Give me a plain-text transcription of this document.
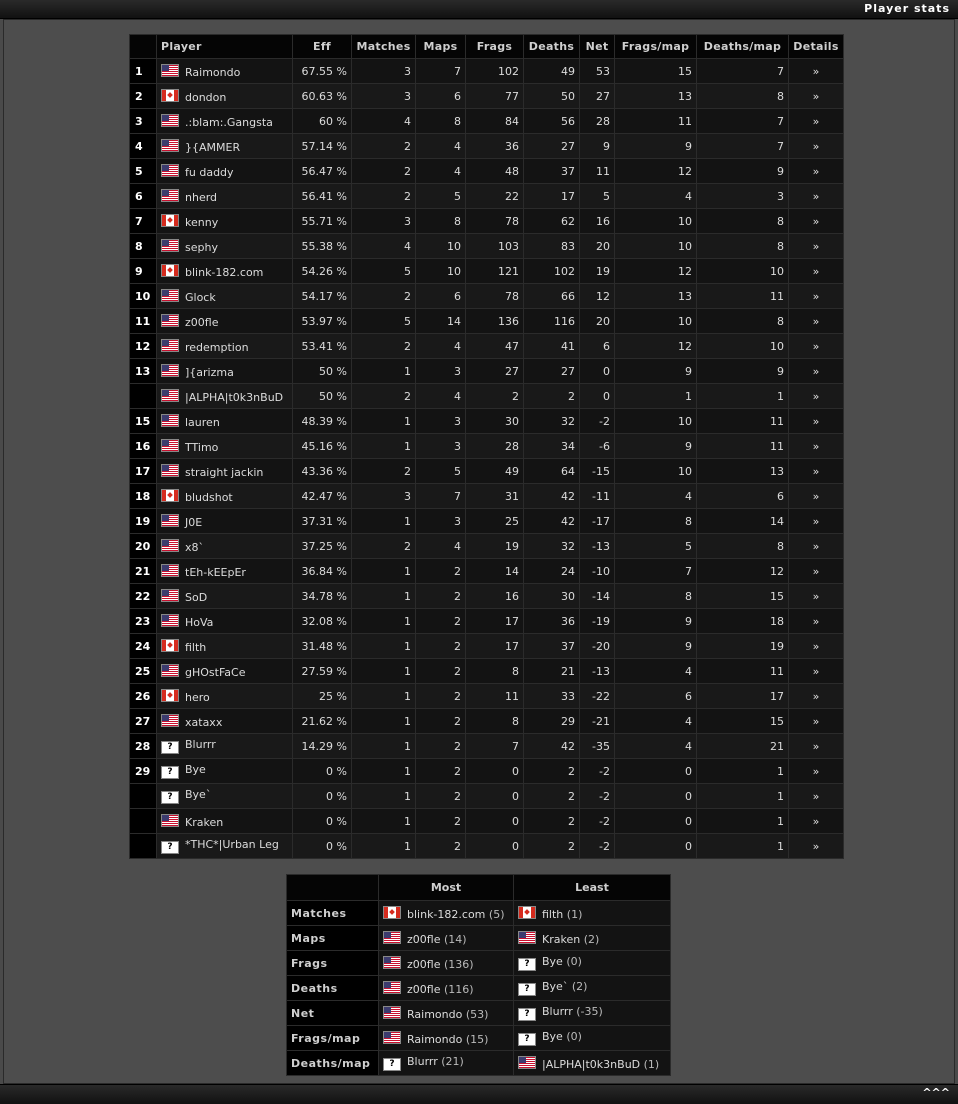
Player stats
	Player	Eff	Matches	Maps	Frags	Deaths	Net	Frags/map	Deaths/map	Details
1	Raimondo	67.55 %	3	7	102	49	53	15	7	»
2	dondon	60.63 %	3	6	77	50	27	13	8	»
3	.:blam:.Gangsta	60 %	4	8	84	56	28	11	7	»
4	}{AMMER	57.14 %	2	4	36	27	9	9	7	»
5	fu daddy	56.47 %	2	4	48	37	11	12	9	»
6	nherd	56.41 %	2	5	22	17	5	4	3	»
7	kenny	55.71 %	3	8	78	62	16	10	8	»
8	sephy	55.38 %	4	10	103	83	20	10	8	»
9	blink-182.com	54.26 %	5	10	121	102	19	12	10	»
10	Glock	54.17 %	2	6	78	66	12	13	11	»
11	z00fle	53.97 %	5	14	136	116	20	10	8	»
12	redemption	53.41 %	2	4	47	41	6	12	10	»
13	]{arizma	50 %	1	3	27	27	0	9	9	»
	|ALPHA|t0k3nBuD	50 %	2	4	2	2	0	1	1	»
15	lauren	48.39 %	1	3	30	32	-2	10	11	»
16	TTimo	45.16 %	1	3	28	34	-6	9	11	»
17	straight jackin	43.36 %	2	5	49	64	-15	10	13	»
18	bludshot	42.47 %	3	7	31	42	-11	4	6	»
19	J0E	37.31 %	1	3	25	42	-17	8	14	»
20	x8`	37.25 %	2	4	19	32	-13	5	8	»
21	tEh-kEEpEr	36.84 %	1	2	14	24	-10	7	12	»
22	SoD	34.78 %	1	2	16	30	-14	8	15	»
23	HoVa	32.08 %	1	2	17	36	-19	9	18	»
24	filth	31.48 %	1	2	17	37	-20	9	19	»
25	gHOstFaCe	27.59 %	1	2	8	21	-13	4	11	»
26	hero	25 %	1	2	11	33	-22	6	17	»
27	xataxx	21.62 %	1	2	8	29	-21	4	15	»
28	? Blurrr	14.29 %	1	2	7	42	-35	4	21	»
29	? Bye	0 %	1	2	0	2	-2	0	1	»
	? Bye`	0 %	1	2	0	2	-2	0	1	»
	Kraken	0 %	1	2	0	2	-2	0	1	»
	? *THC*|Urban Leg	0 %	1	2	0	2	-2	0	1	»
	Most	Least
Matches	blink-182.com (5)	filth (1)
Maps	z00fle (14)	Kraken (2)
Frags	z00fle (136)	? Bye (0)
Deaths	z00fle (116)	? Bye` (2)
Net	Raimondo (53)	? Blurrr (-35)
Frags/map	Raimondo (15)	? Bye (0)
Deaths/map	? Blurrr (21)	|ALPHA|t0k3nBuD (1)
^^^
